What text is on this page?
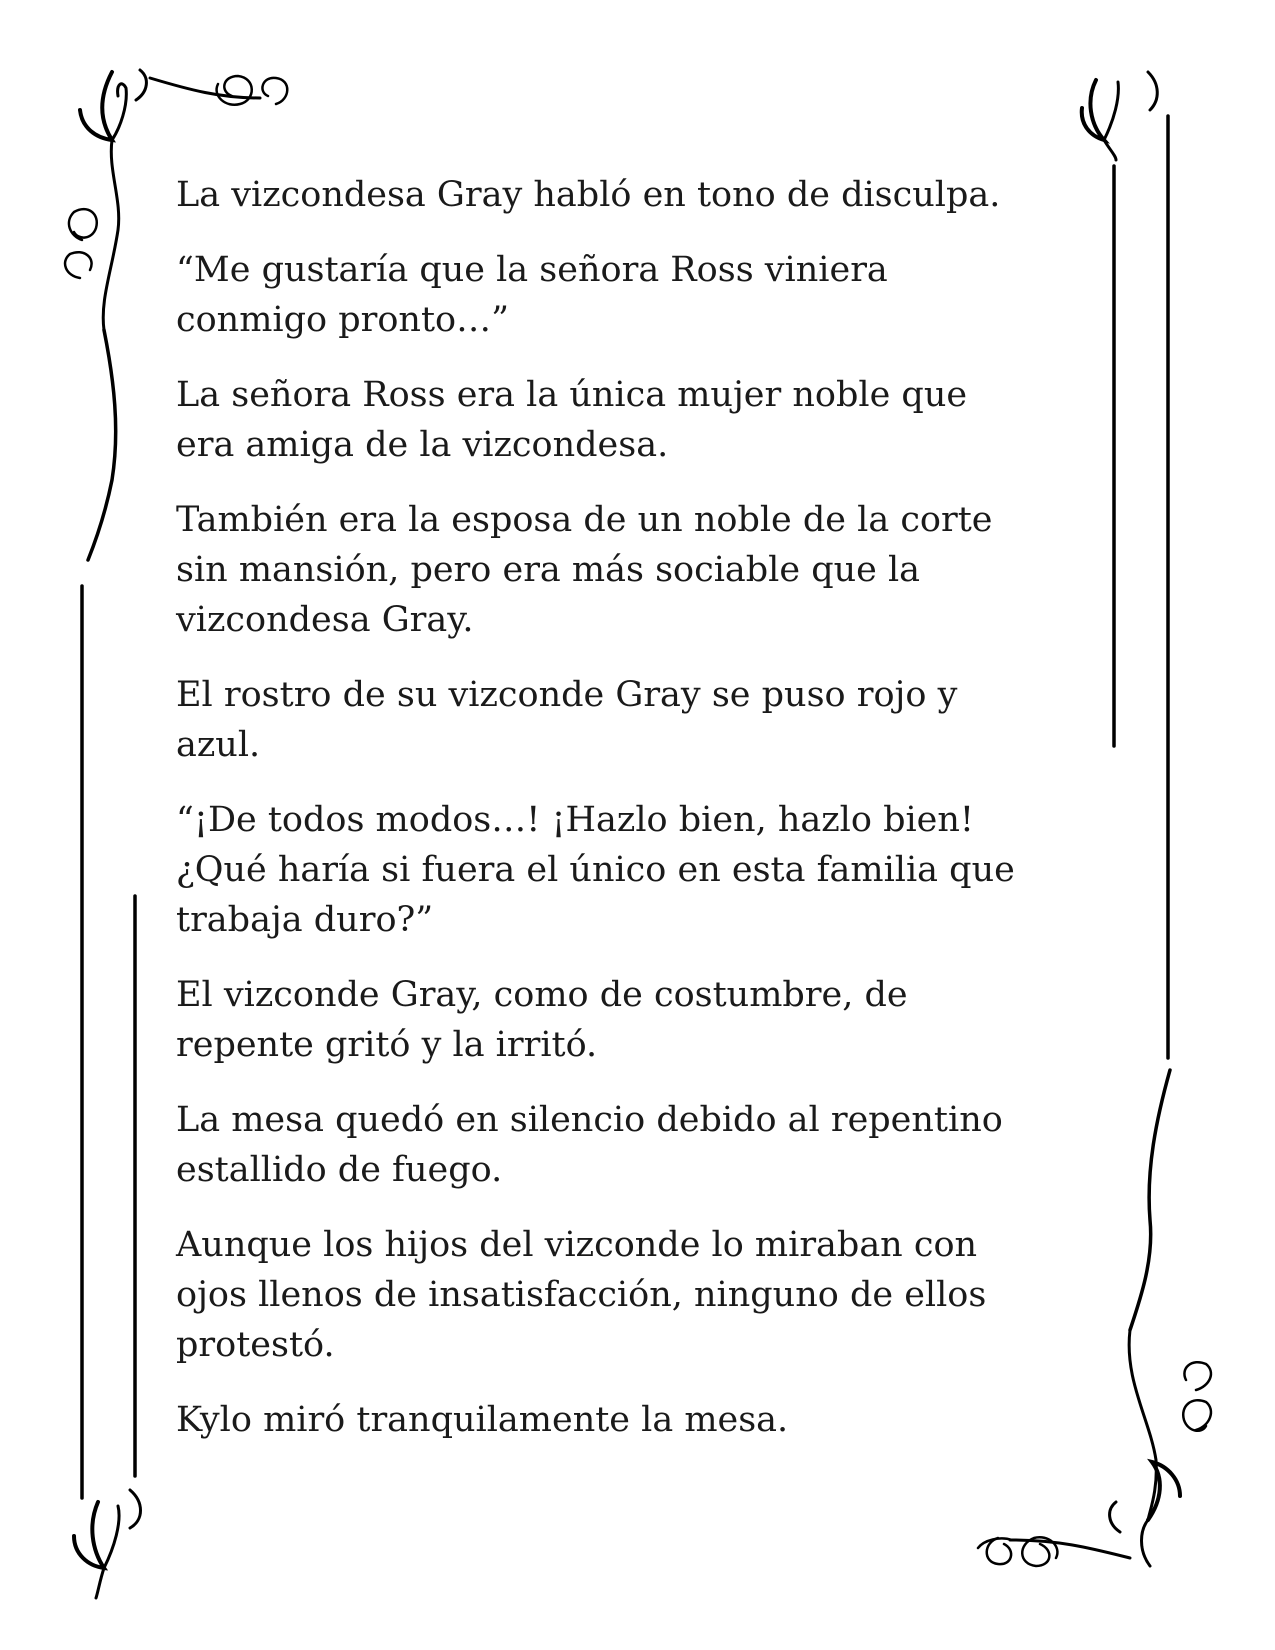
La vizcondesa Gray habló en tono de disculpa.

“Me gustaría que la señora Ross viniera
conmigo pronto…”

La señora Ross era la única mujer noble que
era amiga de la vizcondesa.

También era la esposa de un noble de la corte
sin mansión, pero era más sociable que la
vizcondesa Gray.

El rostro de su vizconde Gray se puso rojo y
azul.

“¡De todos modos…! ¡Hazlo bien, hazlo bien!
¿Qué haría si fuera el único en esta familia que
trabaja duro?”

El vizconde Gray, como de costumbre, de
repente gritó y la irritó.

La mesa quedó en silencio debido al repentino
estallido de fuego.

Aunque los hijos del vizconde lo miraban con
ojos llenos de insatisfacción, ninguno de ellos
protestó.

Kylo miró tranquilamente la mesa.
